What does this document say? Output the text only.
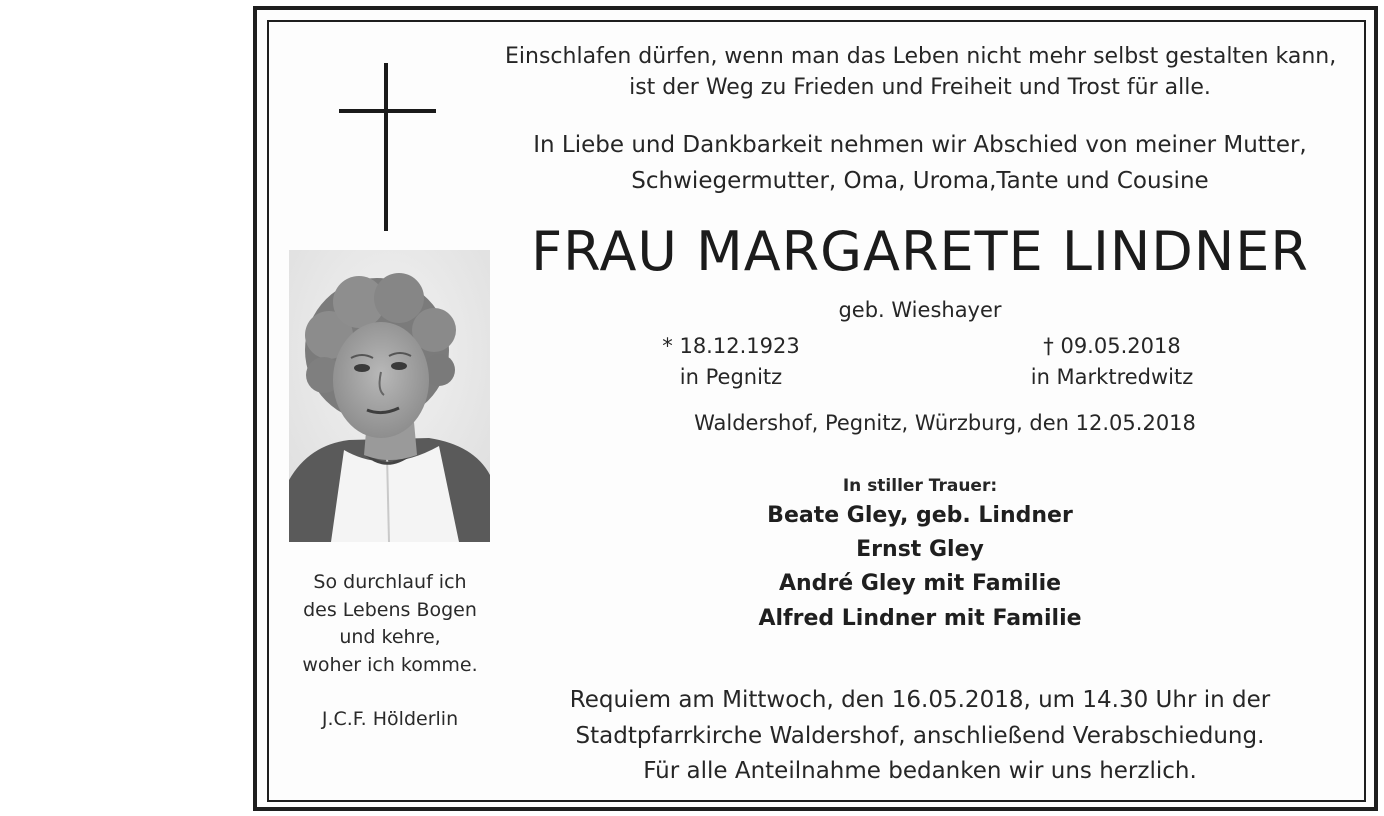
So durchlauf ich
des Lebens Bogen
und kehre,
woher ich komme.
J.C.F. Hölderlin
Einschlafen dürfen, wenn man das Leben nicht mehr selbst gestalten kann,
ist der Weg zu Frieden und Freiheit und Trost für alle.
In Liebe und Dankbarkeit nehmen wir Abschied von meiner Mutter,
Schwiegermutter, Oma, Uroma,Tante und Cousine
FRAU MARGARETE LINDNER
geb. Wieshayer
* 18.12.1923
in Pegnitz
† 09.05.2018
in Marktredwitz
Waldershof, Pegnitz, Würzburg, den 12.05.2018
In stiller Trauer:
Beate Gley, geb. Lindner
Ernst Gley
André Gley mit Familie
Alfred Lindner mit Familie
Requiem am Mittwoch, den 16.05.2018, um 14.30 Uhr in der
Stadtpfarrkirche Waldershof, anschließend Verabschiedung.
Für alle Anteilnahme bedanken wir uns herzlich.
